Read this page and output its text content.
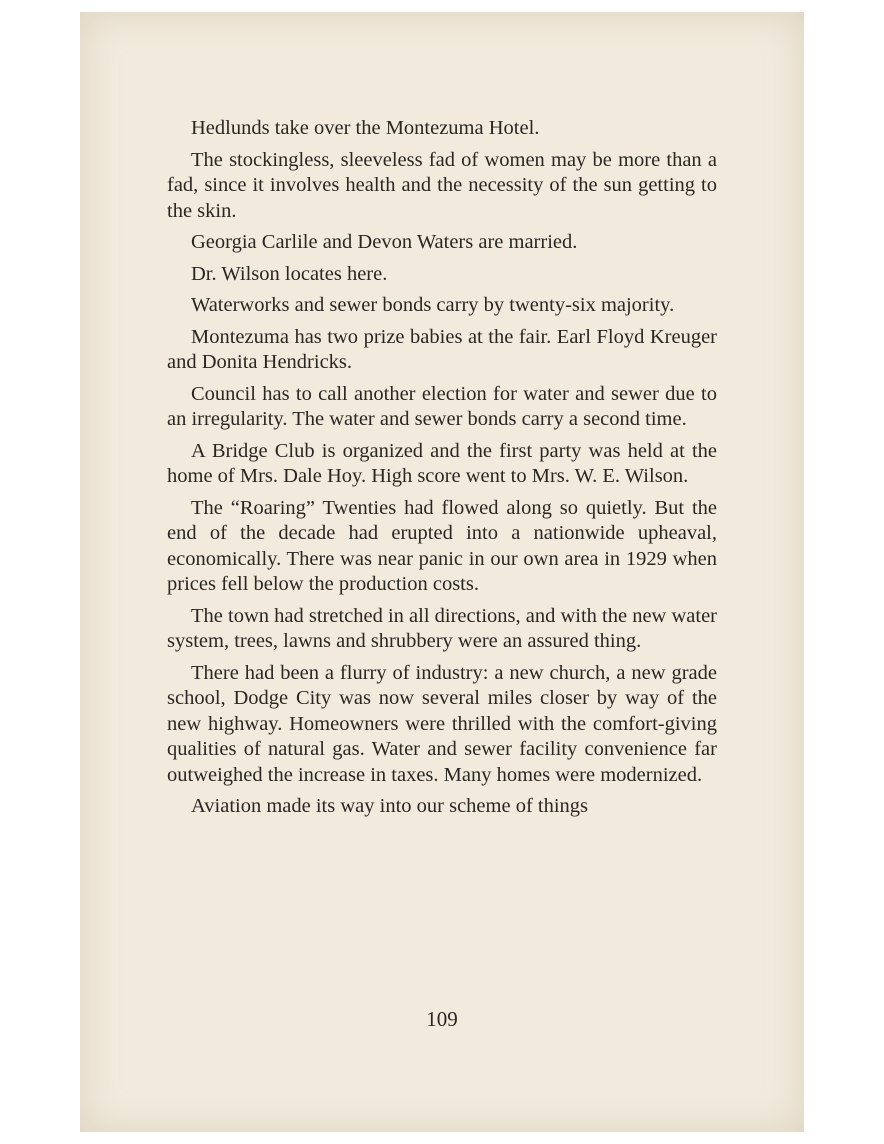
Hedlunds take over the Montezuma Hotel.

The stockingless, sleeveless fad of women may be more than a fad, since it involves health and the necessity of the sun getting to the skin.

Georgia Carlile and Devon Waters are married.

Dr. Wilson locates here.

Waterworks and sewer bonds carry by twenty-six majority.

Montezuma has two prize babies at the fair. Earl Floyd Kreuger and Donita Hendricks.

Council has to call another election for water and sewer due to an irregularity. The water and sewer bonds carry a second time.

A Bridge Club is organized and the first party was held at the home of Mrs. Dale Hoy. High score went to Mrs. W. E. Wilson.

The “Roaring” Twenties had flowed along so quietly. But the end of the decade had erupted into a nationwide upheaval, economically. There was near panic in our own area in 1929 when prices fell below the production costs.

The town had stretched in all directions, and with the new water system, trees, lawns and shrubbery were an assured thing.

There had been a flurry of industry: a new church, a new grade school, Dodge City was now several miles closer by way of the new highway. Homeowners were thrilled with the comfort-giving qualities of natural gas. Water and sewer facility convenience far outweighed the increase in taxes. Many homes were modernized.

Aviation made its way into our scheme of things

109
